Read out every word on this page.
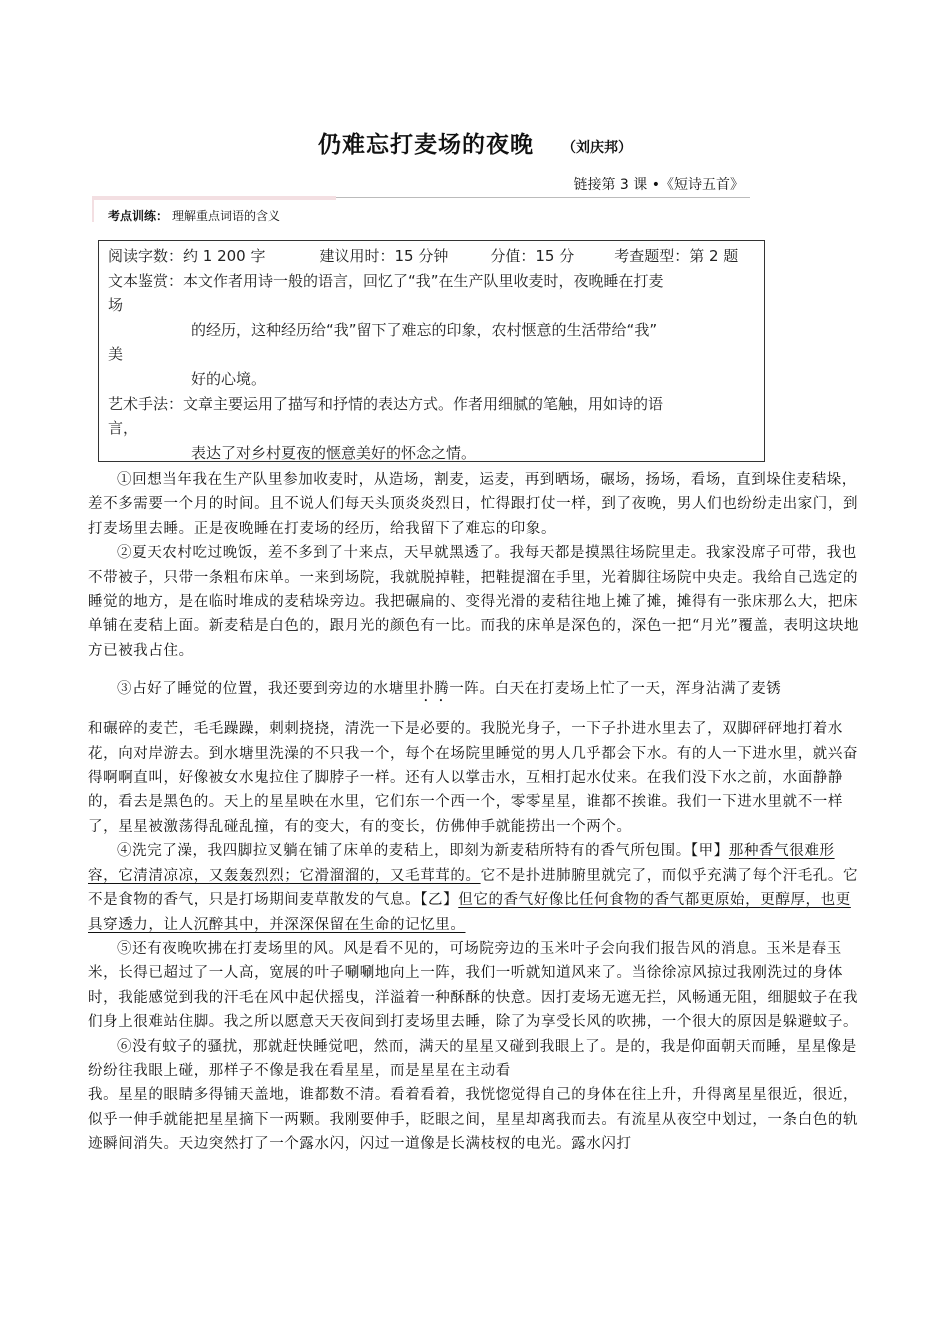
仍难忘打麦场的夜晚 （刘庆邦）
链接第 3 课 •《短诗五首》
考点训练： 理解重点词语的含义
阅读字数：约 1 200 字	建议用时：15 分钟	分值：15 分	考查题型：第 2 题
文本鉴赏：本文作者用诗一般的语言，回忆了“我”在生产队里收麦时，夜晚睡在打麦
场
的经历，这种经历给“我”留下了难忘的印象，农村惬意的生活带给“我”
美
好的心境。
艺术手法：文章主要运用了描写和抒情的表达方式。作者用细腻的笔触，用如诗的语
言，
表达了对乡村夏夜的惬意美好的怀念之情。

①回想当年我在生产队里参加收麦时，从造场，割麦，运麦，再到晒场，碾场，扬场，看场，直到垛住麦秸垛，差不多需要一个月的时间。且不说人们每天头顶炎炎烈日，忙得跟打仗一样，到了夜晚，男人们也纷纷走出家门，到打麦场里去睡。正是夜晚睡在打麦场的经历，给我留下了难忘的印象。

②夏天农村吃过晚饭，差不多到了十来点，天早就黑透了。我每天都是摸黑往场院里走。我家没席子可带，我也不带被子，只带一条粗布床单。一来到场院，我就脱掉鞋，把鞋提溜在手里，光着脚往场院中央走。我给自己选定的睡觉的地方，是在临时堆成的麦秸垛旁边。我把碾扁的、变得光滑的麦秸往地上摊了摊，摊得有一张床那么大，把床单铺在麦秸上面。新麦秸是白色的，跟月光的颜色有一比。而我的床单是深色的，深色一把“月光”覆盖，表明这块地方已被我占住。

③占好了睡觉的位置，我还要到旁边的水塘里扑腾一阵。白天在打麦场上忙了一天，浑身沾满了麦锈

和碾碎的麦芒，毛毛躁躁，刺刺挠挠，清洗一下是必要的。我脱光身子，一下子扑进水里去了，双脚砰砰地打着水花，向对岸游去。到水塘里洗澡的不只我一个，每个在场院里睡觉的男人几乎都会下水。有的人一下进水里，就兴奋得啊啊直叫，好像被女水鬼拉住了脚脖子一样。还有人以掌击水，互相打起水仗来。在我们没下水之前，水面静静的，看去是黑色的。天上的星星映在水里，它们东一个西一个，零零星星，谁都不挨谁。我们一下进水里就不一样了，星星被激荡得乱碰乱撞，有的变大，有的变长，仿佛伸手就能捞出一个两个。

④洗完了澡，我四脚拉叉躺在铺了床单的麦秸上，即刻为新麦秸所特有的香气所包围。【甲】那种香气很难形容，它清清凉凉，又轰轰烈烈；它滑溜溜的，又毛茸茸的。它不是扑进肺腑里就完了，而似乎充满了每个汗毛孔。它不是食物的香气，只是打场期间麦草散发的气息。【乙】但它的香气好像比任何食物的香气都更原始，更醇厚，也更具穿透力，让人沉醉其中，并深深保留在生命的记忆里。

⑤还有夜晚吹拂在打麦场里的风。风是看不见的，可场院旁边的玉米叶子会向我们报告风的消息。玉米是春玉米，长得已超过了一人高，宽展的叶子唰唰地向上一阵，我们一听就知道风来了。当徐徐凉风掠过我刚洗过的身体时，我能感觉到我的汗毛在风中起伏摇曳，洋溢着一种酥酥的快意。因打麦场无遮无拦，风畅通无阻，细腿蚊子在我们身上很难站住脚。我之所以愿意天天夜间到打麦场里去睡，除了为享受长风的吹拂，一个很大的原因是躲避蚊子。

⑥没有蚊子的骚扰，那就赶快睡觉吧，然而，满天的星星又碰到我眼上了。是的，我是仰面朝天而睡，星星像是纷纷往我眼上碰，那样子不像是我在看星星，而是星星在主动看

我。星星的眼睛多得铺天盖地，谁都数不清。看着看着，我恍惚觉得自己的身体在往上升，升得离星星很近，很近，似乎一伸手就能把星星摘下一两颗。我刚要伸手，眨眼之间，星星却离我而去。有流星从夜空中划过，一条白色的轨迹瞬间消失。天边突然打了一个露水闪，闪过一道像是长满枝杈的电光。露水闪打
